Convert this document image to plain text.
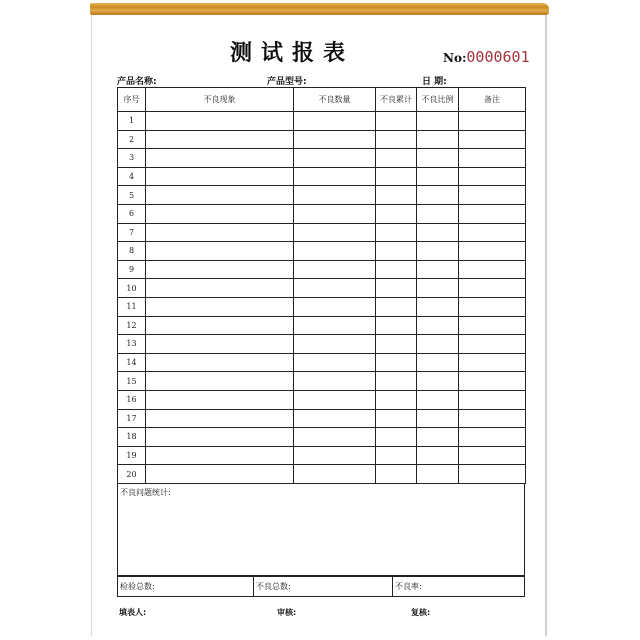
测试报表	No:0000601
产品名称:	产品型号:	日 期:
序号	不良现象	不良数量	不良累计	不良比例	备注
1					
2					
3					
4					
5					
6					
7					
8					
9					
10					
11					
12					
13					
14					
15					
16					
17					
18					
19					
20					
不良问题统计:
检验总数:	不良总数:	不良率:
填表人:	审核:	复核:
